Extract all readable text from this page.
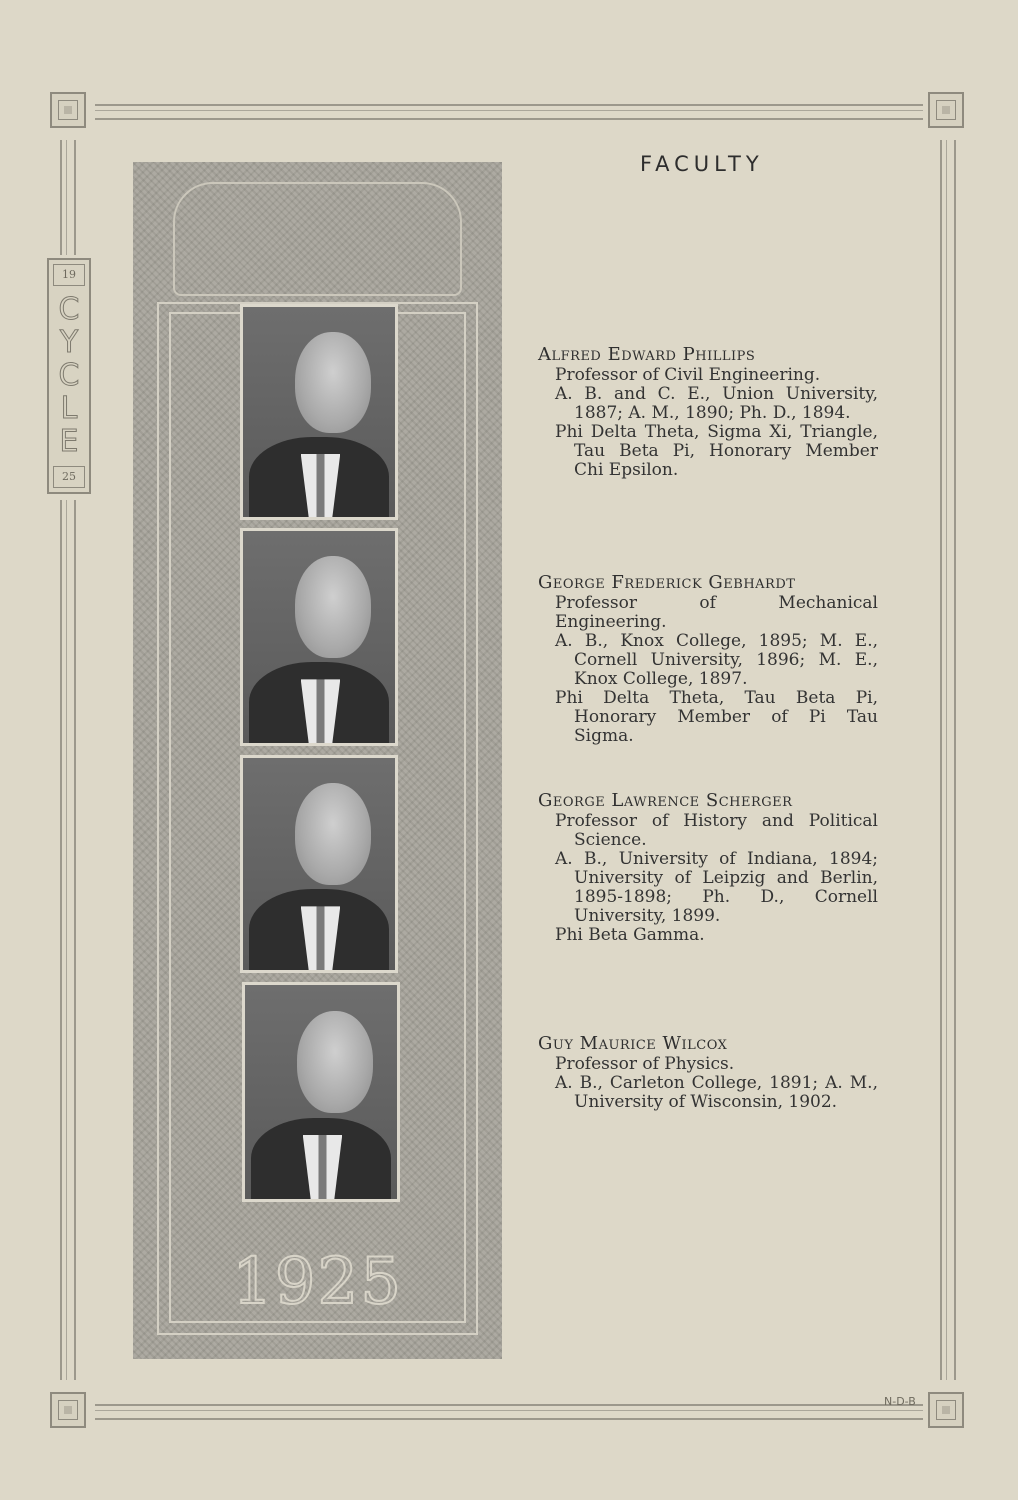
19
C
Y
C
L
E
25
1925
FACULTY
Alfred Edward Phillips
Professor of Civil Engineering.
A. B. and C. E., Union University, 1887; A. M., 1890; Ph. D., 1894.
Phi Delta Theta, Sigma Xi, Triangle, Tau Beta Pi, Honorary Member Chi Epsilon.
George Frederick Gebhardt
Professor of Mechanical Engineering.
A. B., Knox College, 1895; M. E., Cornell University, 1896; M. E., Knox College, 1897.
Phi Delta Theta, Tau Beta Pi, Honorary Member of Pi Tau Sigma.
George Lawrence Scherger
Professor of History and Political Science.
A. B., University of Indiana, 1894; University of Leipzig and Berlin, 1895-1898; Ph. D., Cornell University, 1899.
Phi Beta Gamma.
Guy Maurice Wilcox
Professor of Physics.
A. B., Carleton College, 1891; A. M., University of Wisconsin, 1902.
N-D-B
